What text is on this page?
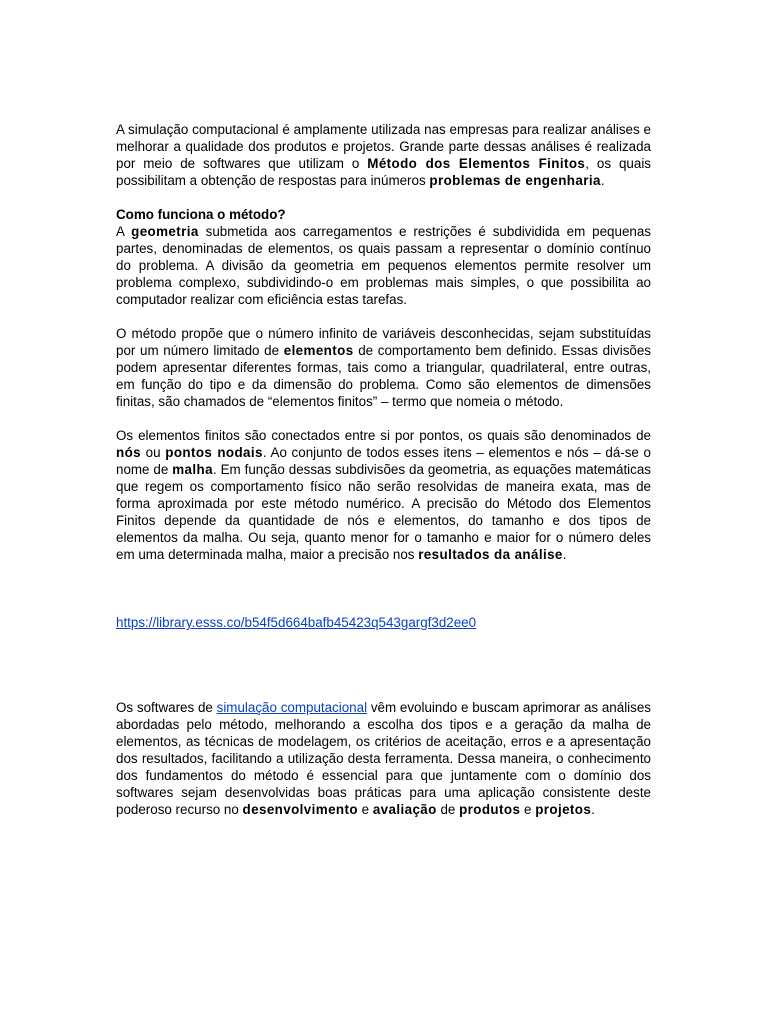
A simulação computacional é amplamente utilizada nas empresas para realizar análises e melhorar a qualidade dos produtos e projetos. Grande parte dessas análises é realizada por meio de softwares que utilizam o Método dos Elementos Finitos, os quais possibilitam a obtenção de respostas para inúmeros problemas de engenharia.

Como funciona o método?

A geometria submetida aos carregamentos e restrições é subdividida em pequenas partes, denominadas de elementos, os quais passam a representar o domínio contínuo do problema. A divisão da geometria em pequenos elementos permite resolver um problema complexo, subdividindo-o em problemas mais simples, o que possibilita ao computador realizar com eficiência estas tarefas.

O método propõe que o número infinito de variáveis desconhecidas, sejam substituídas por um número limitado de elementos de comportamento bem definido. Essas divisões podem apresentar diferentes formas, tais como a triangular, quadrilateral, entre outras, em função do tipo e da dimensão do problema. Como são elementos de dimensões finitas, são chamados de “elementos finitos” – termo que nomeia o método.

Os elementos finitos são conectados entre si por pontos, os quais são denominados de nós ou pontos nodais. Ao conjunto de todos esses itens – elementos e nós – dá-se o nome de malha. Em função dessas subdivisões da geometria, as equações matemáticas que regem os comportamento físico não serão resolvidas de maneira exata, mas de forma aproximada por este método numérico. A precisão do Método dos Elementos Finitos depende da quantidade de nós e elementos, do tamanho e dos tipos de elementos da malha. Ou seja, quanto menor for o tamanho e maior for o número deles em uma determinada malha, maior a precisão nos resultados da análise.

https://library.esss.co/b54f5d664bafb45423q543gargf3d2ee0

Os softwares de simulação computacional vêm evoluindo e buscam aprimorar as análises abordadas pelo método, melhorando a escolha dos tipos e a geração da malha de elementos, as técnicas de modelagem, os critérios de aceitação, erros e a apresentação dos resultados, facilitando a utilização desta ferramenta. Dessa maneira, o conhecimento dos fundamentos do método é essencial para que juntamente com o domínio dos softwares sejam desenvolvidas boas práticas para uma aplicação consistente deste poderoso recurso no desenvolvimento e avaliação de produtos e projetos.
